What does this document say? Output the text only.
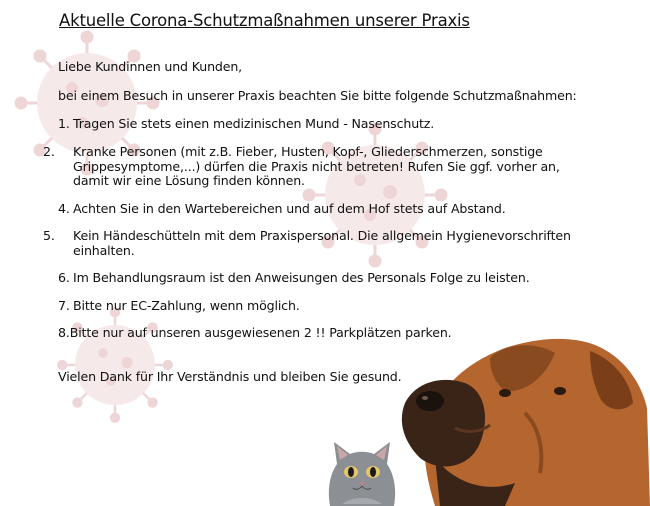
Aktuelle Corona-Schutzmaßnahmen unserer Praxis

Liebe Kundinnen und Kunden,

bei einem Besuch in unserer Praxis beachten Sie bitte folgende Schutzmaßnahmen:

1. Tragen Sie stets einen medizinischen Mund - Nasenschutz.

2. Kranke Personen (mit z.B. Fieber, Husten, Kopf-, Gliederschmerzen, sonstige Grippesymptome,...) dürfen die Praxis nicht betreten! Rufen Sie ggf. vorher an, damit wir eine Lösung finden können.

4. Achten Sie in den Wartebereichen und auf dem Hof stets auf Abstand.

5. Kein Händeschütteln mit dem Praxispersonal. Die allgemein Hygienevorschriften einhalten.

6. Im Behandlungsraum ist den Anweisungen des Personals Folge zu leisten.

7. Bitte nur EC-Zahlung, wenn möglich.

8.Bitte nur auf unseren ausgewiesenen 2 !! Parkplätzen parken.

Vielen Dank für Ihr Verständnis und bleiben Sie gesund.
